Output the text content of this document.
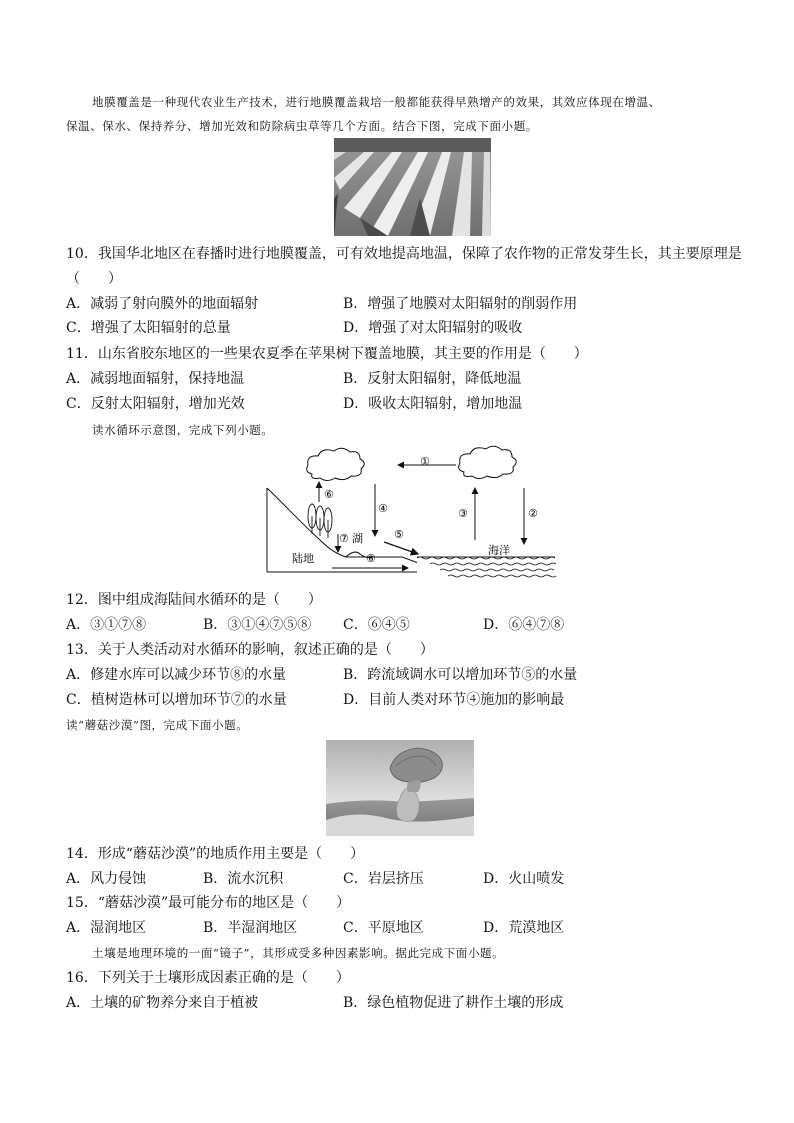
地膜覆盖是一种现代农业生产技术，进行地膜覆盖栽培一般都能获得早熟增产的效果，其效应体现在增温、
保温、保水、保持养分、增加光效和防除病虫草等几个方面。结合下图，完成下面小题。
10．我国华北地区在春播时进行地膜覆盖，可有效地提高地温，保障了农作物的正常发芽生长，其主要原理是
（　　）
A．减弱了射向膜外的地面辐射	B．增强了地膜对太阳辐射的削弱作用
C．增强了太阳辐射的总量	D．增强了对太阳辐射的吸收
11．山东省胶东地区的一些果农夏季在苹果树下覆盖地膜，其主要的作用是（　　）
A．减弱地面辐射，保持地温	B．反射太阳辐射，降低地温
C．反射太阳辐射，增加光效	D．吸收太阳辐射，增加地温
读水循环示意图，完成下列小题。
①
②
③
④
⑤
⑥
⑦
⑧
湖
陆地
海洋
12．图中组成海陆间水循环的是（　　）
A．③①⑦⑧	B．③①④⑦⑤⑧ C．⑥④⑤	D．⑥④⑦⑧
13．关于人类活动对水循环的影响，叙述正确的是（　　）
A．修建水库可以减少环节⑧的水量	B．跨流域调水可以增加环节⑤的水量
C．植树造林可以增加环节⑦的水量	D．目前人类对环节④施加的影响最
读“蘑菇沙漠”图，完成下面小题。
14．形成“蘑菇沙漠”的地质作用主要是（　　）
A．风力侵蚀	B．流水沉积	C．岩层挤压	D．火山喷发
15．“蘑菇沙漠”最可能分布的地区是（　　）
A．湿润地区	B．半湿润地区	C．平原地区	D．荒漠地区
土壤是地理环境的一面“镜子”，其形成受多种因素影响。据此完成下面小题。
16．下列关于土壤形成因素正确的是（　　）
A．土壤的矿物养分来自于植被	B．绿色植物促进了耕作土壤的形成
